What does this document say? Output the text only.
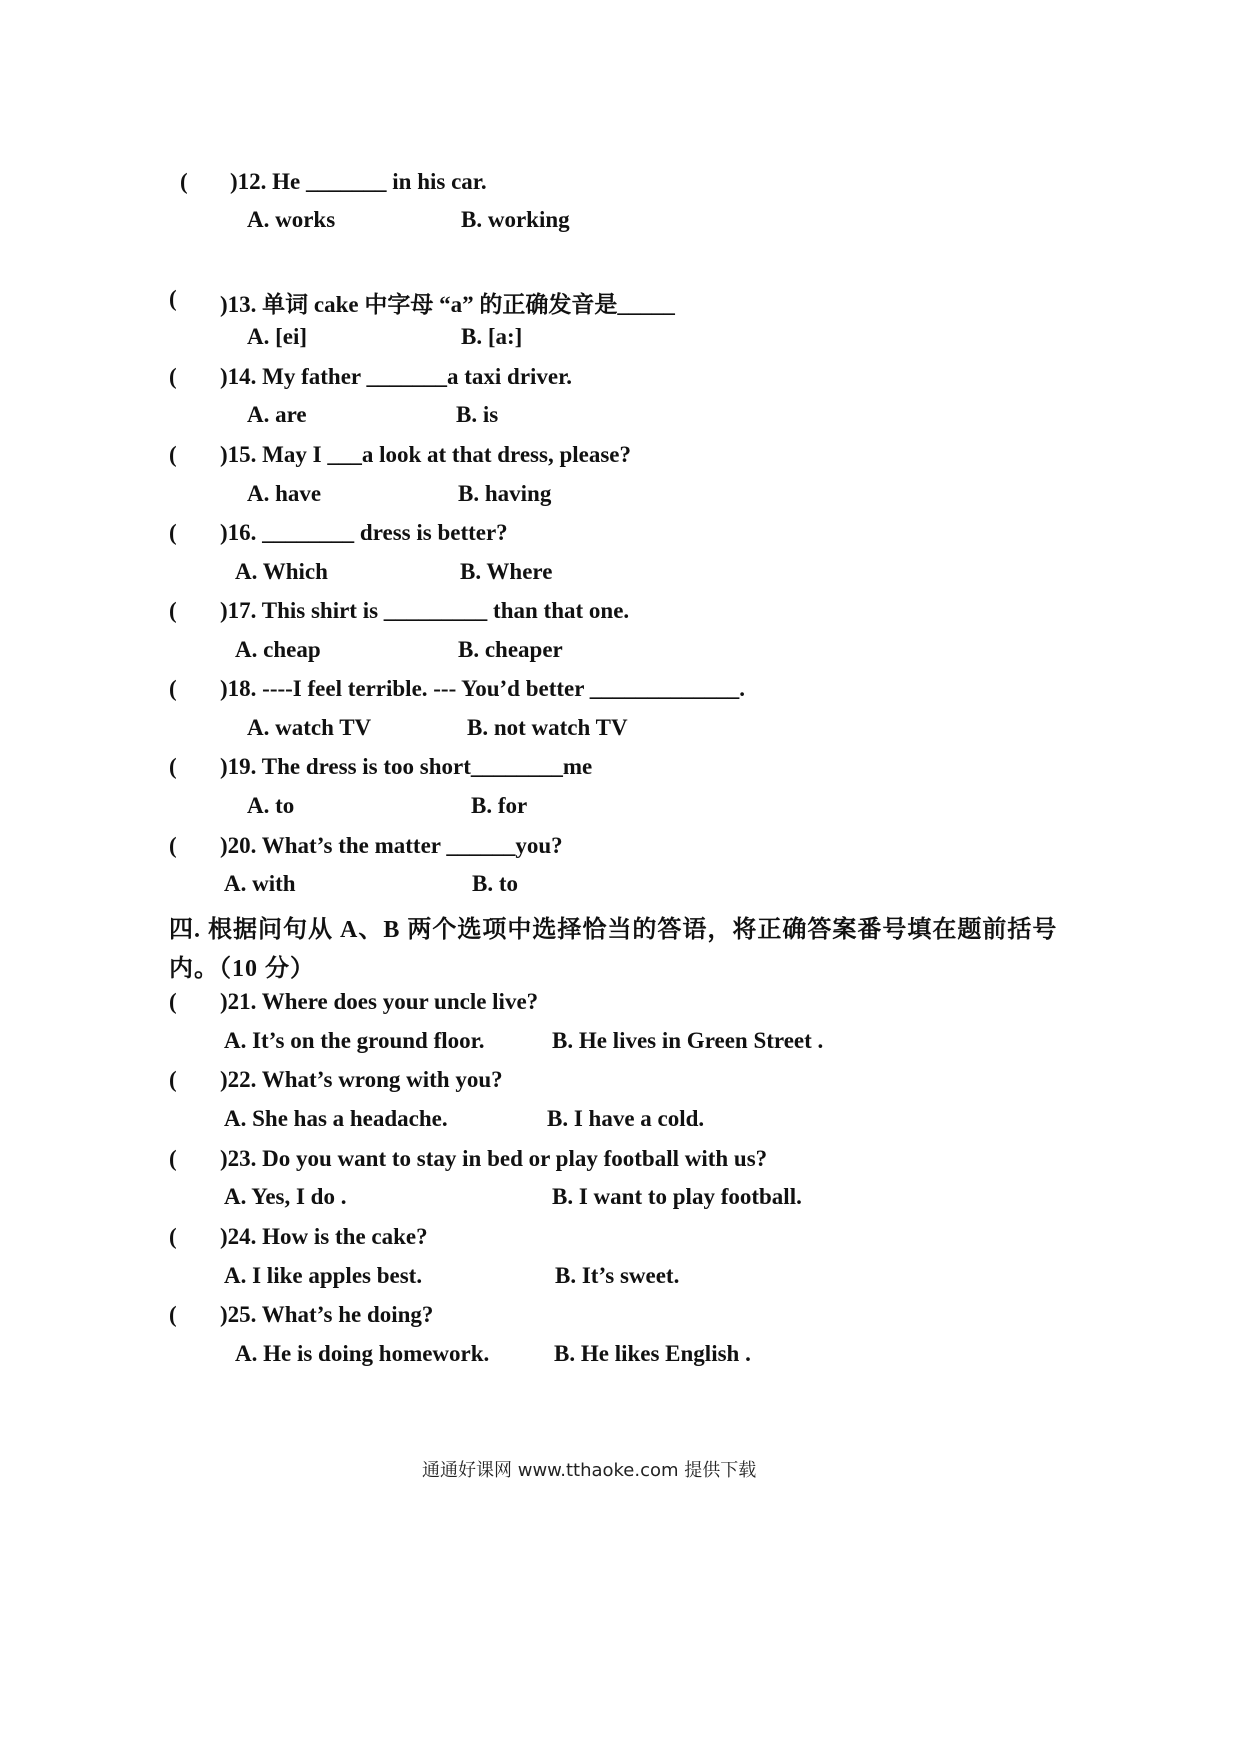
( )12. He _______ in his car.
A. works	B. working
( )13. 单词 cake 中字母 “a” 的正确发音是_____
A. [ei]	B. [a:]
( )14. My father _______a taxi driver.
A. are	B. is
( )15. May I ___a look at that dress, please?
A. have	B. having
( )16. ________ dress is better?
A. Which	B. Where
( )17. This shirt is _________ than that one.
A. cheap	B. cheaper
( )18. ----I feel terrible. --- You’d better _____________.
A. watch TV	B. not watch TV
( )19. The dress is too short________me
A. to	B. for
( )20. What’s the matter ______you?
A. with	B. to
四. 根据问句从 A、B 两个选项中选择恰当的答语，将正确答案番号填在题前括号
内。（10 分）
( )21. Where does your uncle live?
A. It’s on the ground floor.	B. He lives in Green Street .
( )22. What’s wrong with you?
A. She has a headache.	B. I have a cold.
( )23. Do you want to stay in bed or play football with us?
A. Yes, I do .	B. I want to play football.
( )24. How is the cake?
A. I like apples best.	B. It’s sweet.
( )25. What’s he doing?
A. He is doing homework.	B. He likes English .
通通好课网 www.tthaoke.com 提供下载
